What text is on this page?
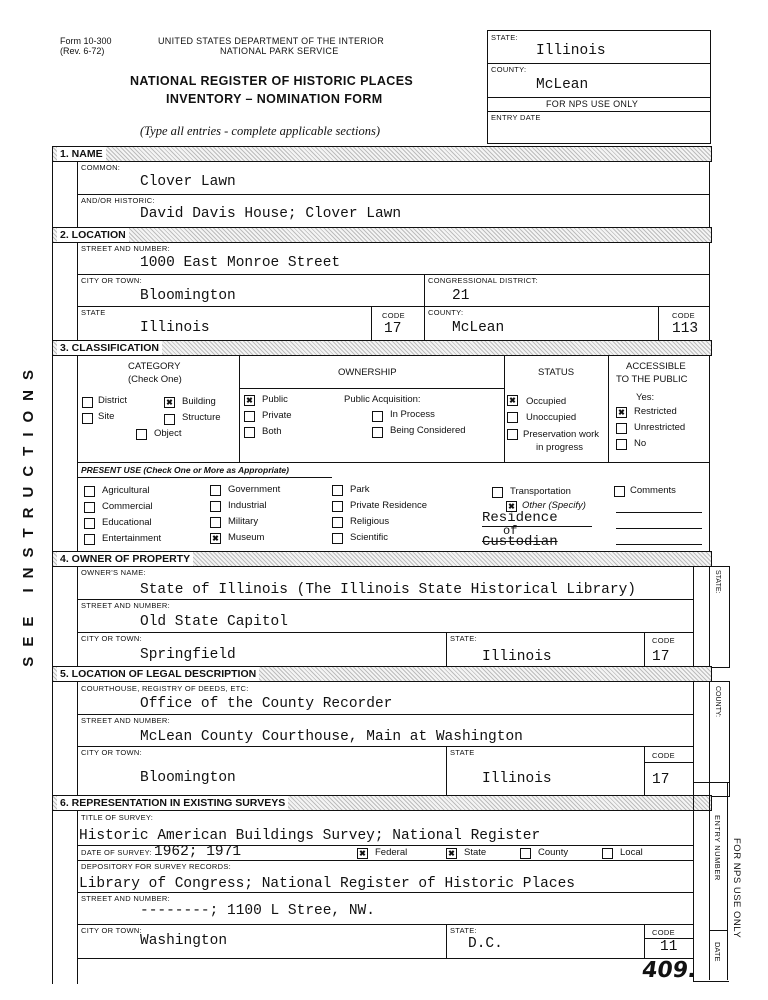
Form 10-300
(Rev. 6-72)
UNITED STATES DEPARTMENT OF THE INTERIOR
NATIONAL PARK SERVICE
NATIONAL REGISTER OF HISTORIC PLACES
INVENTORY – NOMINATION FORM
(Type all entries - complete applicable sections)
STATE:
Illinois
COUNTY:
McLean
FOR NPS USE ONLY
ENTRY DATE
SEE INSTRUCTIONS
1. NAME
COMMON:
Clover Lawn
AND/OR HISTORIC:
David Davis House; Clover Lawn
2. LOCATION
STREET AND NUMBER:
1000 East Monroe Street
CITY OR TOWN:
Bloomington
CONGRESSIONAL DISTRICT:
21
STATE
Illinois
CODE
17
COUNTY:
McLean
CODE
113
3. CLASSIFICATION
CATEGORY
(Check One)
OWNERSHIP	STATUS
ACCESSIBLE
TO THE PUBLIC
District ✖	Building
Site	Structure
Object
✖
Public
Private
Both
Public Acquisition:
In Process
Being Considered
✖
Occupied
Unoccupied
Preservation work
in progress
Yes:
✖
Restricted
Unrestricted
No
PRESENT USE (Check One or More as Appropriate)
Agricultural
Commercial
Educational
Entertainment
Government
Industrial
Military
✖
Museum
Park
Private Residence
Religious
Scientific
Transportation
✖
Other (Specify)
Residence
of
Custodian
Comments
4. OWNER OF PROPERTY
STATE:
OWNER'S NAME:
State of Illinois (The Illinois State Historical Library)
STREET AND NUMBER:
Old State Capitol
CITY OR TOWN:
Springfield
STATE:
Illinois
CODE
17
5. LOCATION OF LEGAL DESCRIPTION
COUNTY:
COURTHOUSE, REGISTRY OF DEEDS, ETC:
Office of the County Recorder
STREET AND NUMBER:
McLean County Courthouse, Main at Washington
CITY OR TOWN:
Bloomington
STATE
Illinois
CODE
17
6. REPRESENTATION IN EXISTING SURVEYS
ENTRY NUMBER
DATE
FOR NPS USE ONLY
TITLE OF SURVEY:
Historic American Buildings Survey; National Register
DATE OF SURVEY: 1962; 1971 ✖	Federal ✖	State	County	Local
DEPOSITORY FOR SURVEY RECORDS:
Library of Congress; National Register of Historic Places
STREET AND NUMBER:
--------; 1100 L Stree, NW.
CITY OR TOWN:
Washington
STATE:
D.C.
CODE
11
409.
